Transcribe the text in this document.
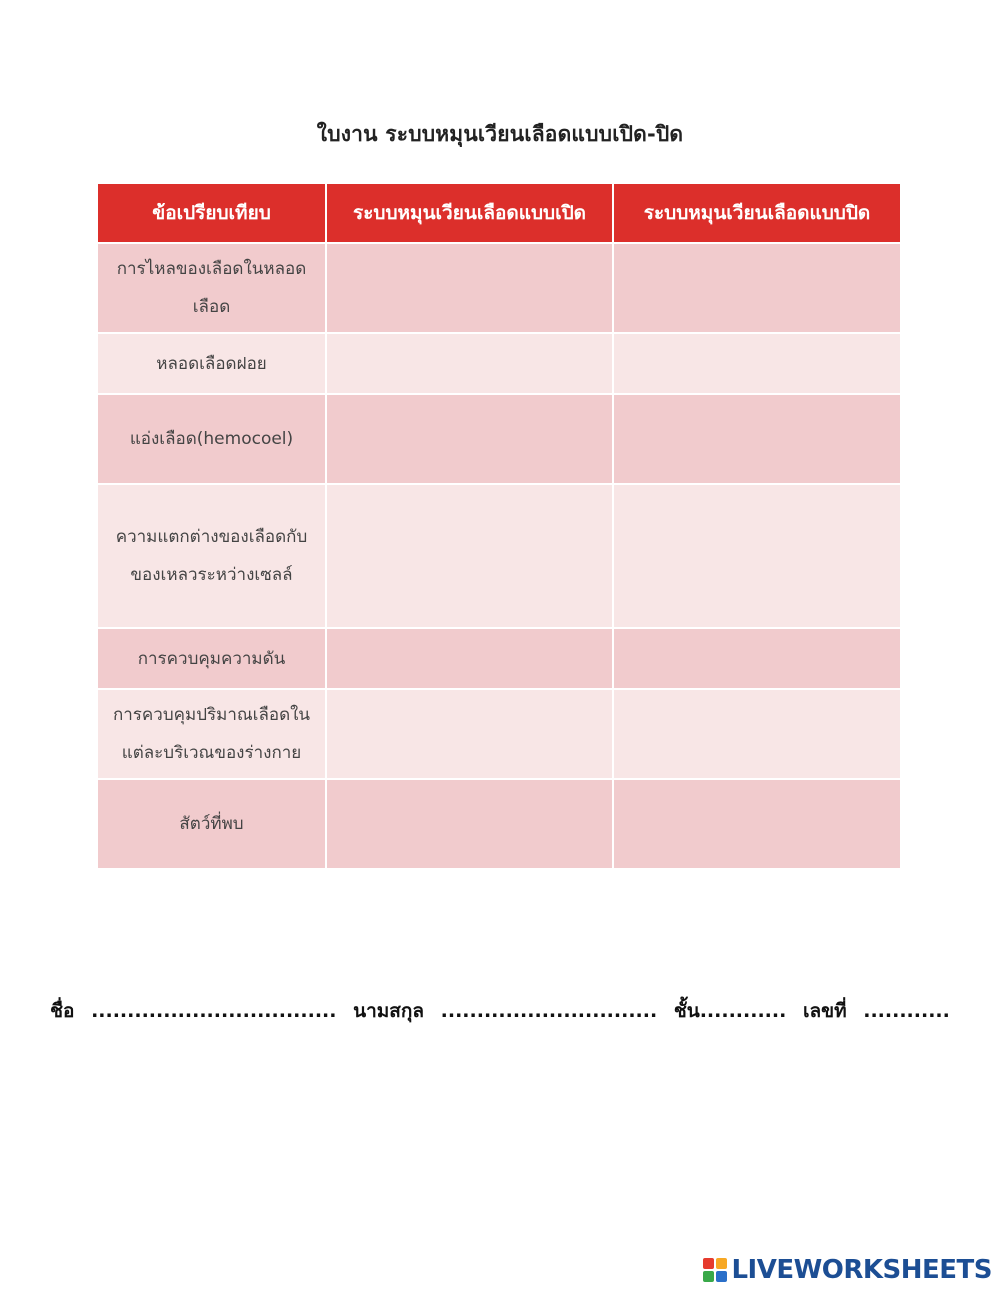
ใบงาน ระบบหมุนเวียนเลือดแบบเปิด-ปิด
ข้อเปรียบเทียบ	ระบบหมุนเวียนเลือดแบบเปิด	ระบบหมุนเวียนเลือดแบบปิด

การไหลของเลือดในหลอด
เลือด		

หลอดเลือดฝอย		

แอ่งเลือด(hemocoel)		

ความแตกต่างของเลือดกับ
ของเหลวระหว่างเซลล์		

การควบคุมความดัน		

การควบคุมปริมาณเลือดใน
แต่ละบริเวณของร่างกาย		

สัตว์ที่พบ		

ชื่อ .................................. นามสกุล .............................. ชั้น............ เลขที่ ............
LIVEWORKSHEETS
